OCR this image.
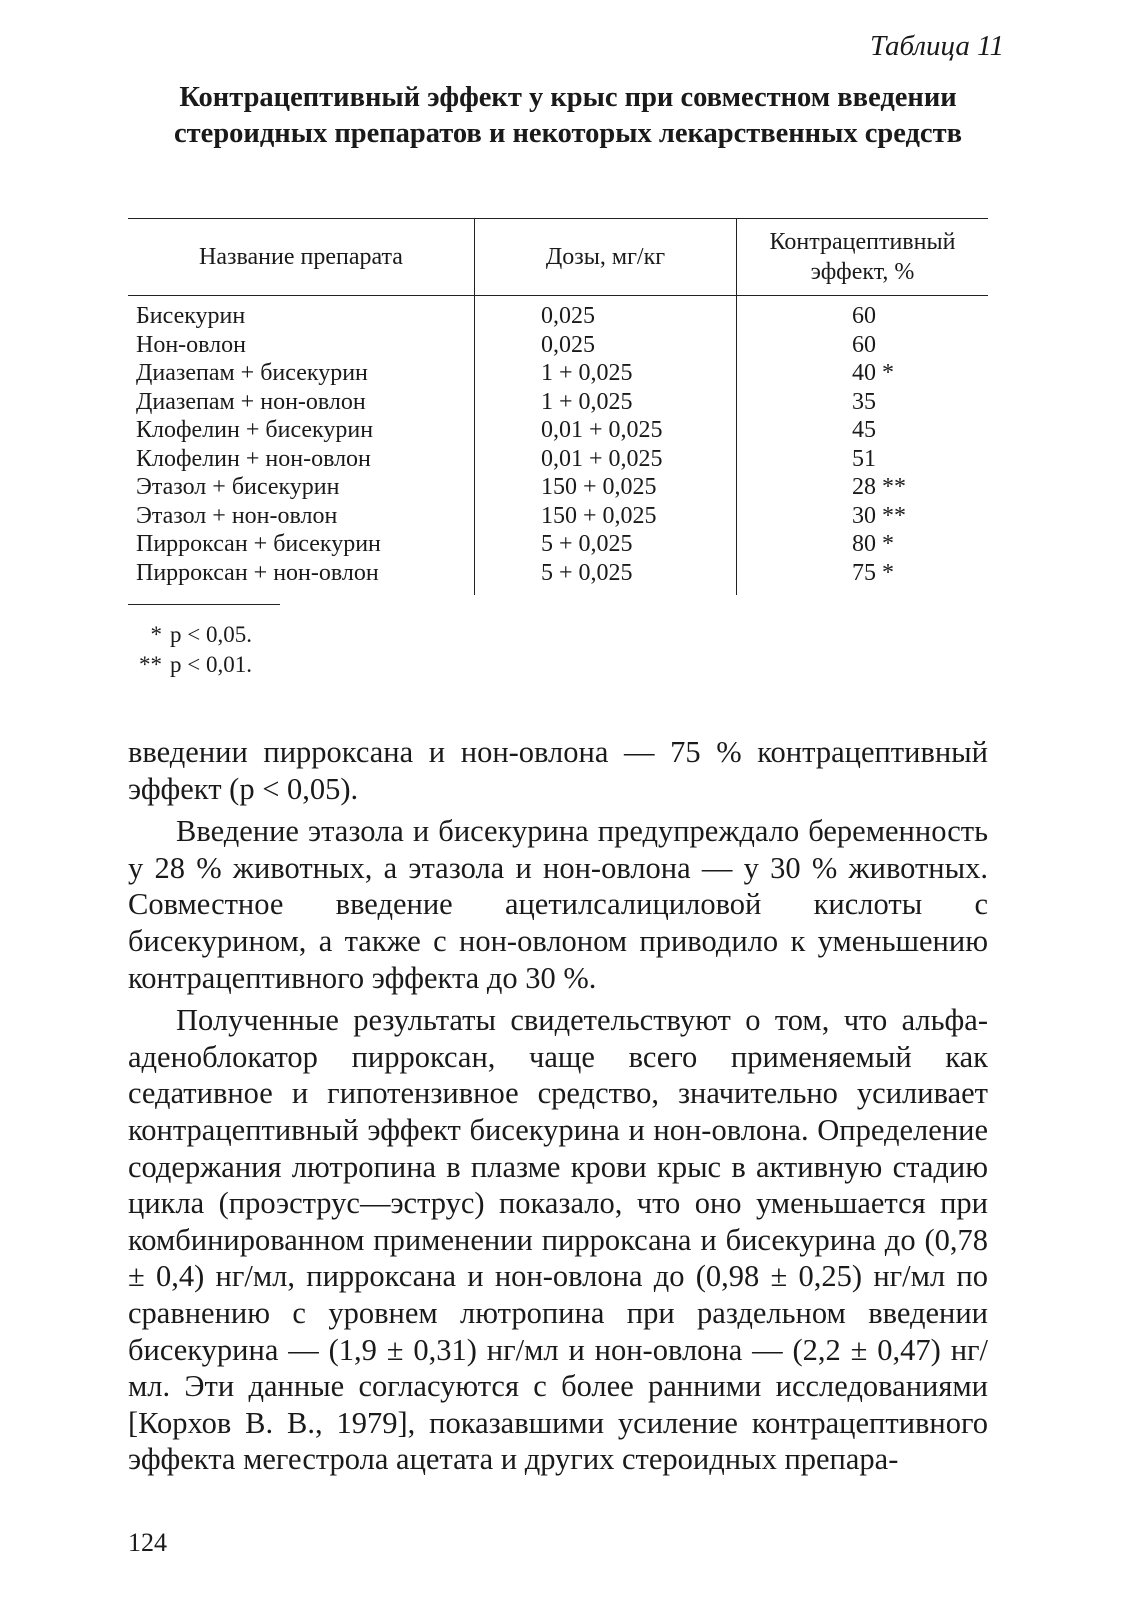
Таблица 11
Контрацептивный эффект у крыс при совместном введении стероидных препаратов и некоторых лекарственных средств
Название препарата	Дозы, мг/кг	Контрацептивный эффект, %
Бисекурин	0,025	60
Нон-овлон	0,025	60
Диазепам + бисекурин	1 + 0,025	40 *
Диазепам + нон-овлон	1 + 0,025	35
Клофелин + бисекурин	0,01 + 0,025	45
Клофелин + нон-овлон	0,01 + 0,025	51
Этазол + бисекурин	150 + 0,025	28 **
Этазол + нон-овлон	150 + 0,025	30 **
Пирроксан + бисекурин	5 + 0,025	80 *
Пирроксан + нон-овлон	5 + 0,025	75 *
* p < 0,05.
** p < 0,01.

введении пирроксана и нон-овлона — 75 % контрацептивный эффект (p < 0,05).

Введение этазола и бисекурина предупреждало беременность у 28 % животных, а этазола и нон-овлона — у 30 % животных. Совместное введение ацетилсалициловой кислоты с бисекурином, а также с нон-овлоном приводило к уменьшению контрацептивного эффекта до 30 %.

Полученные результаты свидетельствуют о том, что альфа-аденоблокатор пирроксан, чаще всего применяемый как седативное и гипотензивное средство, значительно усиливает контрацептивный эффект бисекурина и нон-овлона. Определение содержания лютропина в плазме крови крыс в активную стадию цикла (проэструс—эструс) показало, что оно уменьшается при комбинированном применении пирроксана и бисекурина до (0,78 ± 0,4) нг/мл, пирроксана и нон-овлона до (0,98 ± 0,25) нг/мл по сравнению с уровнем лютропина при раздельном введении бисекурина — (1,9 ± 0,31) нг/мл и нон-овлона — (2,2 ± 0,47) нг/мл. Эти данные согласуются с более ранними исследованиями [Корхов В. В., 1979], показавшими усиление контрацептивного эффекта мегестрола ацетата и других стероидных препара-

124
